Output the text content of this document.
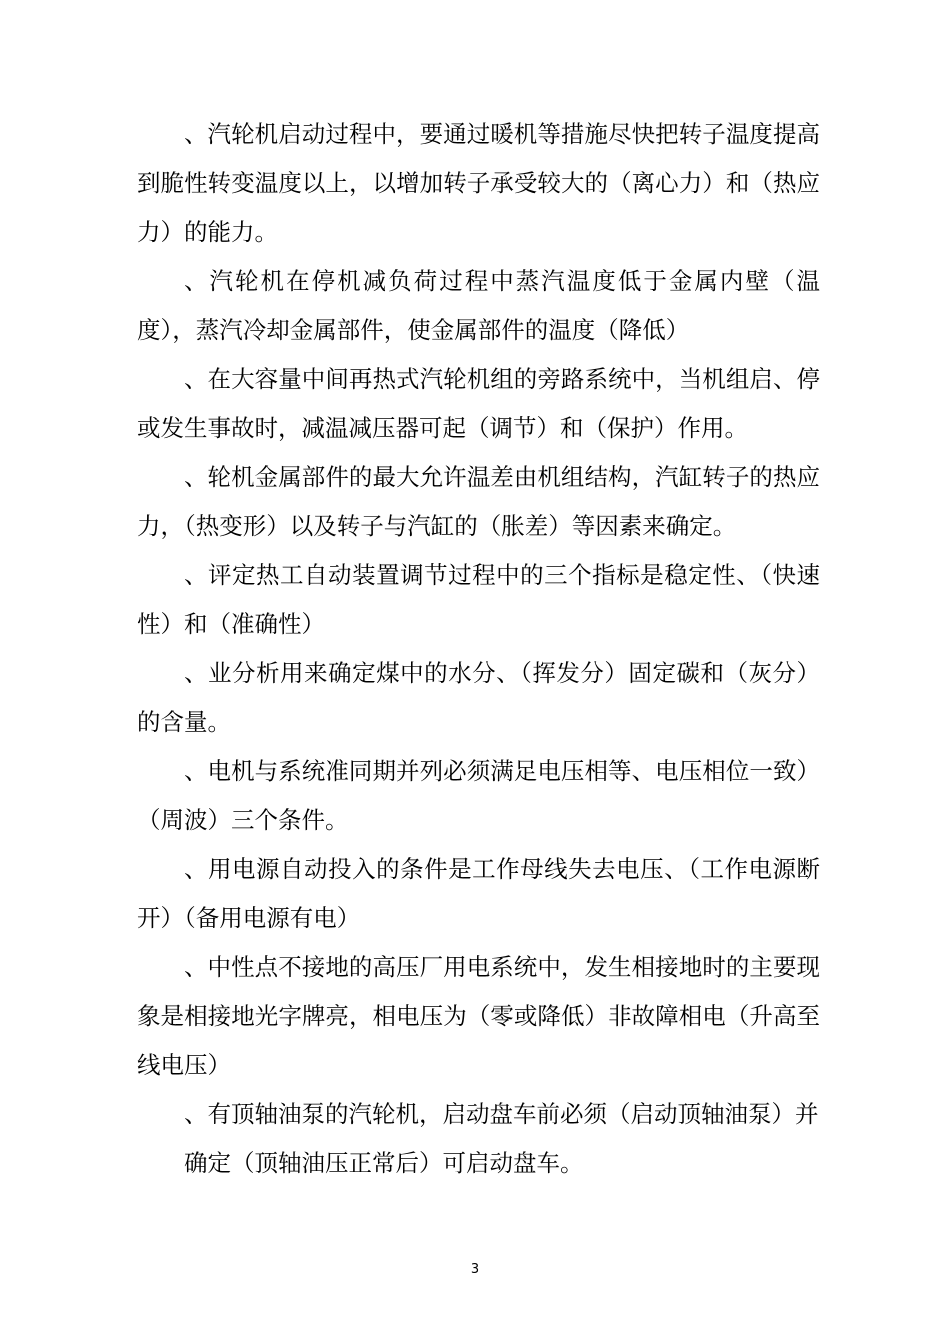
、汽轮机启动过程中，要通过暖机等措施尽快把转子温度提高到脆性转变温度以上，以增加转子承受较大的（离心力）和（热应力）的能力。

、汽轮机在停机减负荷过程中蒸汽温度低于金属内壁（温度），蒸汽冷却金属部件，使金属部件的温度（降低）

、在大容量中间再热式汽轮机组的旁路系统中，当机组启、停或发生事故时，减温减压器可起（调节）和（保护）作用。

、轮机金属部件的最大允许温差由机组结构，汽缸转子的热应力，（热变形）以及转子与汽缸的（胀差）等因素来确定。

、评定热工自动装置调节过程中的三个指标是稳定性、（快速性）和（准确性）

、业分析用来确定煤中的水分、（挥发分）固定碳和（灰分）的含量。

、电机与系统准同期并列必须满足电压相等、电压相位一致）（周波）三个条件。

、用电源自动投入的条件是工作母线失去电压、（工作电源断开）（备用电源有电）

、中性点不接地的高压厂用电系统中，发生相接地时的主要现象是相接地光字牌亮，相电压为（零或降低）非故障相电（升高至线电压）

、有顶轴油泵的汽轮机，启动盘车前必须（启动顶轴油泵）并

确定（顶轴油压正常后）可启动盘车。

3
